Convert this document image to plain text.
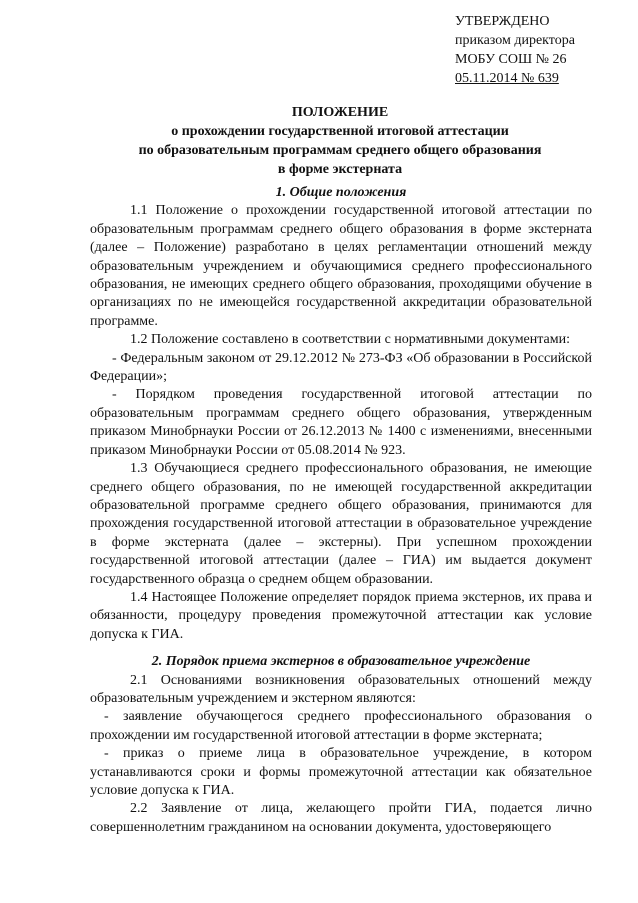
УТВЕРЖДЕНО
приказом директора
МОБУ СОШ № 26
05.11.2014 № 639
ПОЛОЖЕНИЕ
о прохождении государственной итоговой аттестации
по образовательным программам среднего общего образования
в форме экстерната
1. Общие положения

1.1 Положение о прохождении государственной итоговой аттестации по образовательным программам среднего общего образования в форме экстерната (далее – Положение) разработано в целях регламентации отношений между образовательным учреждением и обучающимися среднего профессионального образования, не имеющих среднего общего образования, проходящими обучение в организациях по не имеющейся государственной аккредитации образовательной программе.

1.2 Положение составлено в соответствии с нормативными документами:

- Федеральным законом от 29.12.2012 № 273-ФЗ «Об образовании в Российской Федерации»;

- Порядком проведения государственной итоговой аттестации по образовательным программам среднего общего образования, утвержденным приказом Минобрнауки России от 26.12.2013 № 1400 с изменениями, внесенными приказом Минобрнауки России от 05.08.2014 № 923.

1.3 Обучающиеся среднего профессионального образования, не имеющие среднего общего образования, по не имеющей государственной аккредитации образовательной программе среднего общего образования, принимаются для прохождения государственной итоговой аттестации в образовательное учреждение в форме экстерната (далее – экстерны). При успешном прохождении государственной итоговой аттестации (далее – ГИА) им выдается документ государственного образца о среднем общем образовании.

1.4 Настоящее Положение определяет порядок приема экстернов, их права и обязанности, процедуру проведения промежуточной аттестации как условие допуска к ГИА.

2. Порядок приема экстернов в образовательное учреждение

2.1 Основаниями возникновения образовательных отношений между образовательным учреждением и экстерном являются:

- заявление обучающегося среднего профессионального образования о прохождении им государственной итоговой аттестации в форме экстерната;

- приказ о приеме лица в образовательное учреждение, в котором устанавливаются сроки и формы промежуточной аттестации как обязательное условие допуска к ГИА.

2.2 Заявление от лица, желающего пройти ГИА, подается лично совершеннолетним гражданином на основании документа, удостоверяющего
